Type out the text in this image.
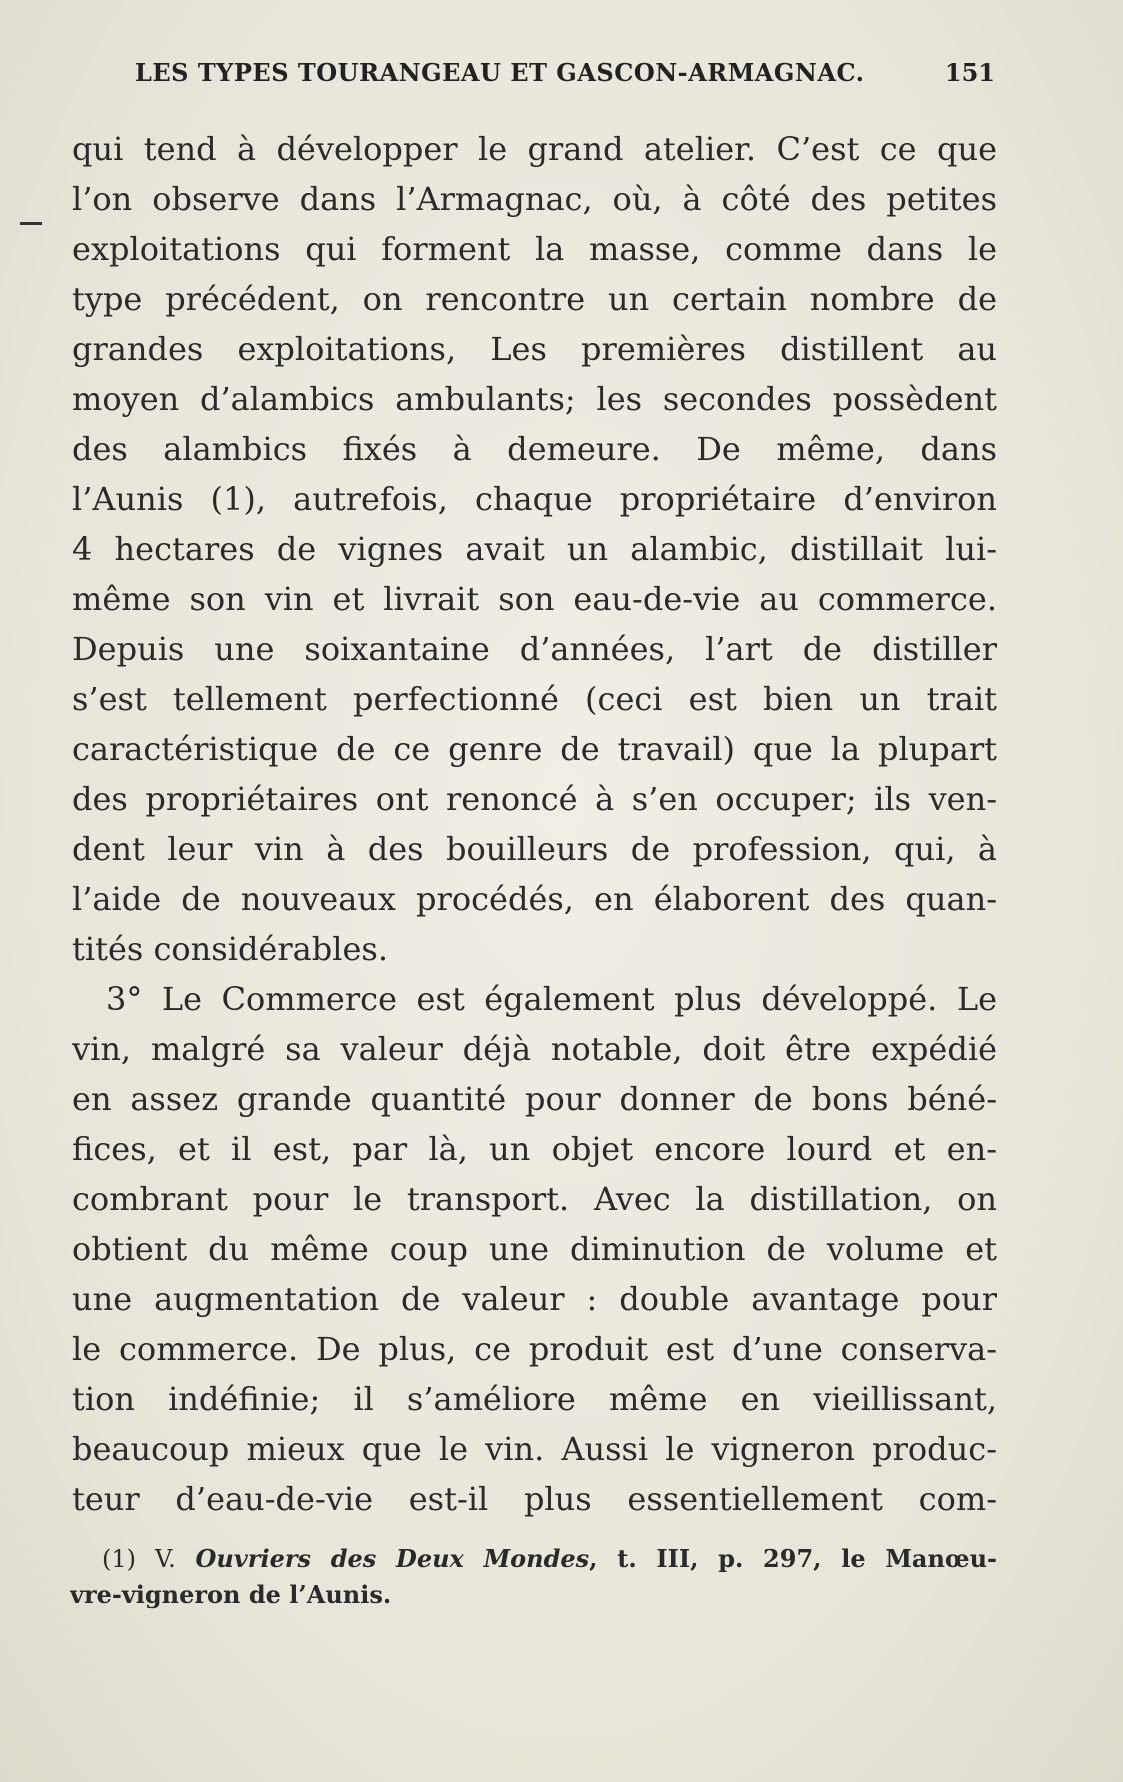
LES TYPES TOURANGEAU ET GASCON-ARMAGNAC.	151
qui tend à développer le grand atelier. C’est ce que
l’on observe dans l’Armagnac, où, à côté des petites
exploitations qui forment la masse, comme dans le
type précédent, on rencontre un certain nombre de
grandes exploitations, Les premières distillent au
moyen d’alambics ambulants; les secondes possèdent
des alambics fixés à demeure. De même, dans
l’Aunis (1), autrefois, chaque propriétaire d’environ
4 hectares de vignes avait un alambic, distillait lui-
même son vin et livrait son eau-de-vie au commerce.
Depuis une soixantaine d’années, l’art de distiller
s’est tellement perfectionné (ceci est bien un trait
caractéristique de ce genre de travail) que la plupart
des propriétaires ont renoncé à s’en occuper; ils ven-
dent leur vin à des bouilleurs de profession, qui, à
l’aide de nouveaux procédés, en élaborent des quan-
tités considérables.
3° Le Commerce est également plus développé. Le
vin, malgré sa valeur déjà notable, doit être expédié
en assez grande quantité pour donner de bons béné-
fices, et il est, par là, un objet encore lourd et en-
combrant pour le transport. Avec la distillation, on
obtient du même coup une diminution de volume et
une augmentation de valeur : double avantage pour
le commerce. De plus, ce produit est d’une conserva-
tion indéfinie; il s’améliore même en vieillissant,
beaucoup mieux que le vin. Aussi le vigneron produc-
teur d’eau-de-vie est-il plus essentiellement com-
(1) V. Ouvriers des Deux Mondes, t. III, p. 297, le Manœu-
vre-vigneron de l’Aunis.
